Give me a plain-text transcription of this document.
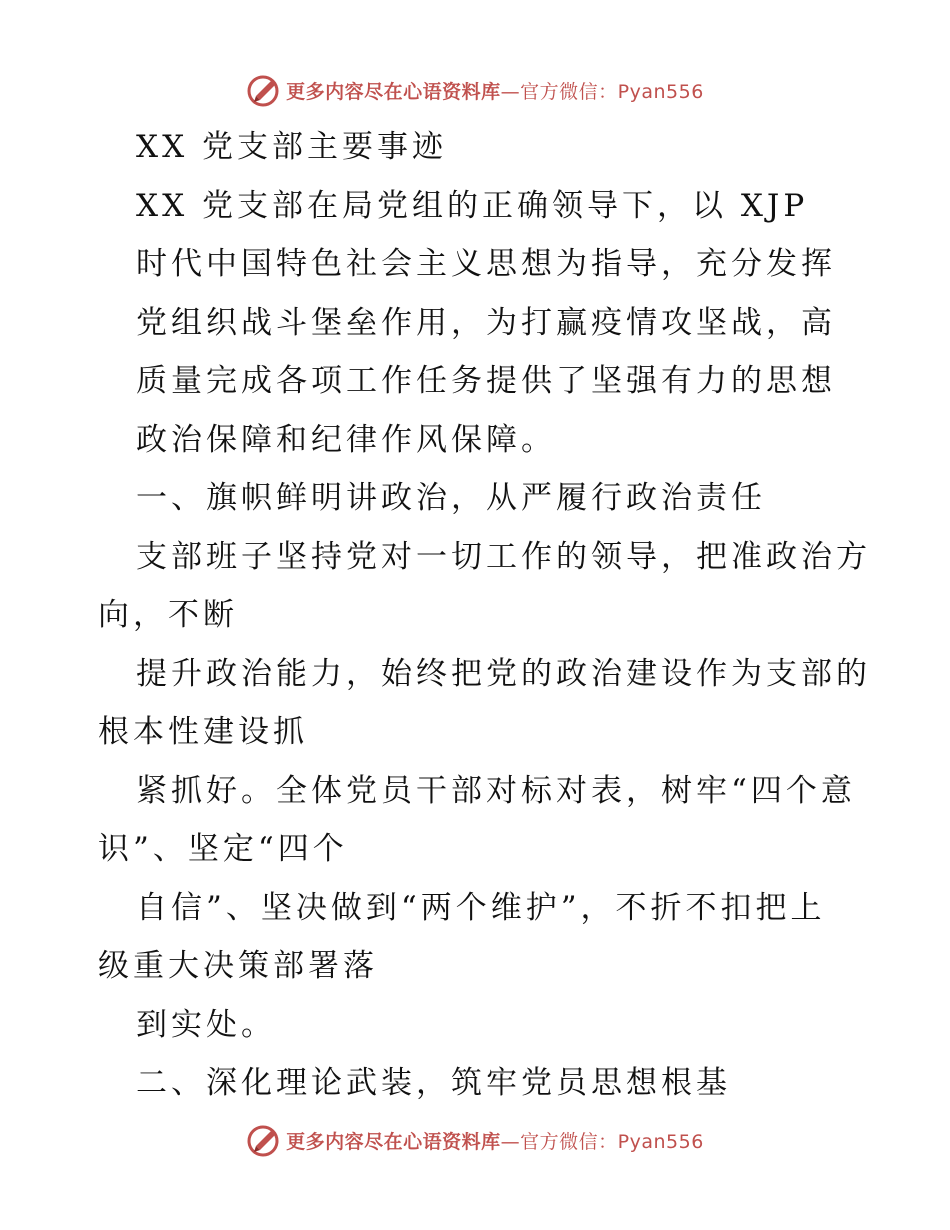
更多内容尽在心语资料库—官方微信：Pyan556
XX 党支部主要事迹
XX 党支部在局党组的正确领导下，以 XJP
时代中国特色社会主义思想为指导，充分发挥
党组织战斗堡垒作用，为打赢疫情攻坚战，高
质量完成各项工作任务提供了坚强有力的思想
政治保障和纪律作风保障。
一、旗帜鲜明讲政治，从严履行政治责任
支部班子坚持党对一切工作的领导，把准政治方
向，不断
提升政治能力，始终把党的政治建设作为支部的
根本性建设抓
紧抓好。全体党员干部对标对表，树牢“四个意
识”、坚定“四个
自信”、坚决做到“两个维护”，不折不扣把上
级重大决策部署落
到实处。
二、深化理论武装，筑牢党员思想根基
更多内容尽在心语资料库—官方微信：Pyan556
